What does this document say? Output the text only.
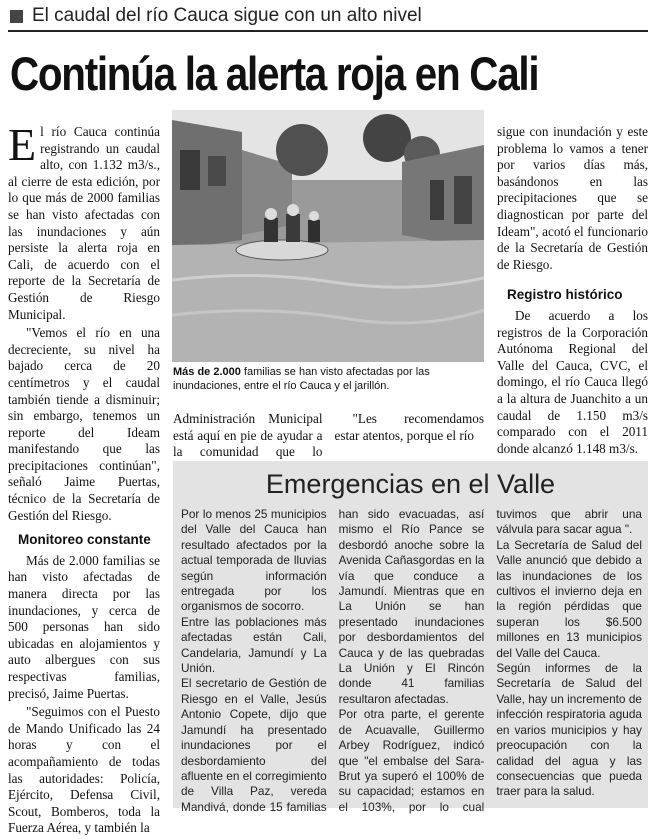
El caudal del río Cauca sigue con un alto nivel
Continúa la alerta roja en Cali

El río Cauca continúa registrando un caudal alto, con 1.132 m3/s., al cierre de esta edición, por lo que más de 2000 familias se han visto afectadas con las inundaciones y aún persiste la alerta roja en Cali, de acuerdo con el reporte de la Secretaría de Gestión de Riesgo Municipal.

"Vemos el río en una decreciente, su nivel ha bajado cerca de 20 centímetros y el caudal también tiende a disminuir; sin embargo, tenemos un reporte del Ideam manifestando que las precipitaciones continúan", señaló Jaime Puertas, técnico de la Secretaría de Gestión del Riesgo.

Monitoreo constante

Más de 2.000 familias se han visto afectadas de manera directa por las inundaciones, y cerca de 500 personas han sido ubicadas en alojamientos y auto albergues con sus respectivas familias, precisó, Jaime Puertas.

"Seguimos con el Puesto de Mando Unificado las 24 horas y con el acompañamiento de todas las autoridades: Policía, Ejército, Defensa Civil, Scout, Bomberos, toda la Fuerza Aérea, y también la

Más de 2.000 familias se han visto afectadas por las inundaciones, entre el río Cauca y el jarillón.

Administración Municipal está aquí en pie de ayudar a la comunidad que lo

"Les recomendamos estar atentos, porque el río

sigue con inundación y este problema lo vamos a tener por varios días más, basándonos en las precipitaciones que se diagnostican por parte del Ideam", acotó el funcionario de la Secretaría de Gestión de Riesgo.

Registro histórico

De acuerdo a los registros de la Corporación Autónoma Regional del Valle del Cauca, CVC, el domingo, el río Cauca llegó a la altura de Juanchito a un caudal de 1.150 m3/s comparado con el 2011 donde alcanzó 1.148 m3/s.

Emergencias en el Valle

Por lo menos 25 municipios del Valle del Cauca han resultado afectados por la actual temporada de lluvias según información entregada por los organismos de socorro.

Entre las poblaciones más afectadas están Cali, Candelaria, Jamundí y La Unión.

El secretario de Gestión de Riesgo en el Valle, Jesús Antonio Copete, dijo que Jamundí ha presentado inundaciones por el desbordamiento del afluente en el corregimiento de Villa Paz, vereda Mandivá, donde 15 familias han sido evacuadas, así mismo el Río Pance se desbordó anoche sobre la Avenida Cañasgordas en la vía que conduce a Jamundí. Mientras que en La Unión se han presentado inundaciones por desbordamientos del Cauca y de las quebradas La Unión y El Rincón donde 41 familias resultaron afectadas.

Por otra parte, el gerente de Acuavalle, Guillermo Arbey Rodríguez, indicó que "el embalse del Sara-Brut ya superó el 100% de su capacidad; estamos en el 103%, por lo cual tuvimos que abrir una válvula para sacar agua ".

La Secretaría de Salud del Valle anunció que debido a las inundaciones de los cultivos el invierno deja en la región pérdidas que superan los $6.500 millones en 13 municipios del Valle del Cauca.

Según informes de la Secretaría de Salud del Valle, hay un incremento de infección respiratoria aguda en varios municipios y hay preocupación con la calidad del agua y las consecuencias que pueda traer para la salud.
